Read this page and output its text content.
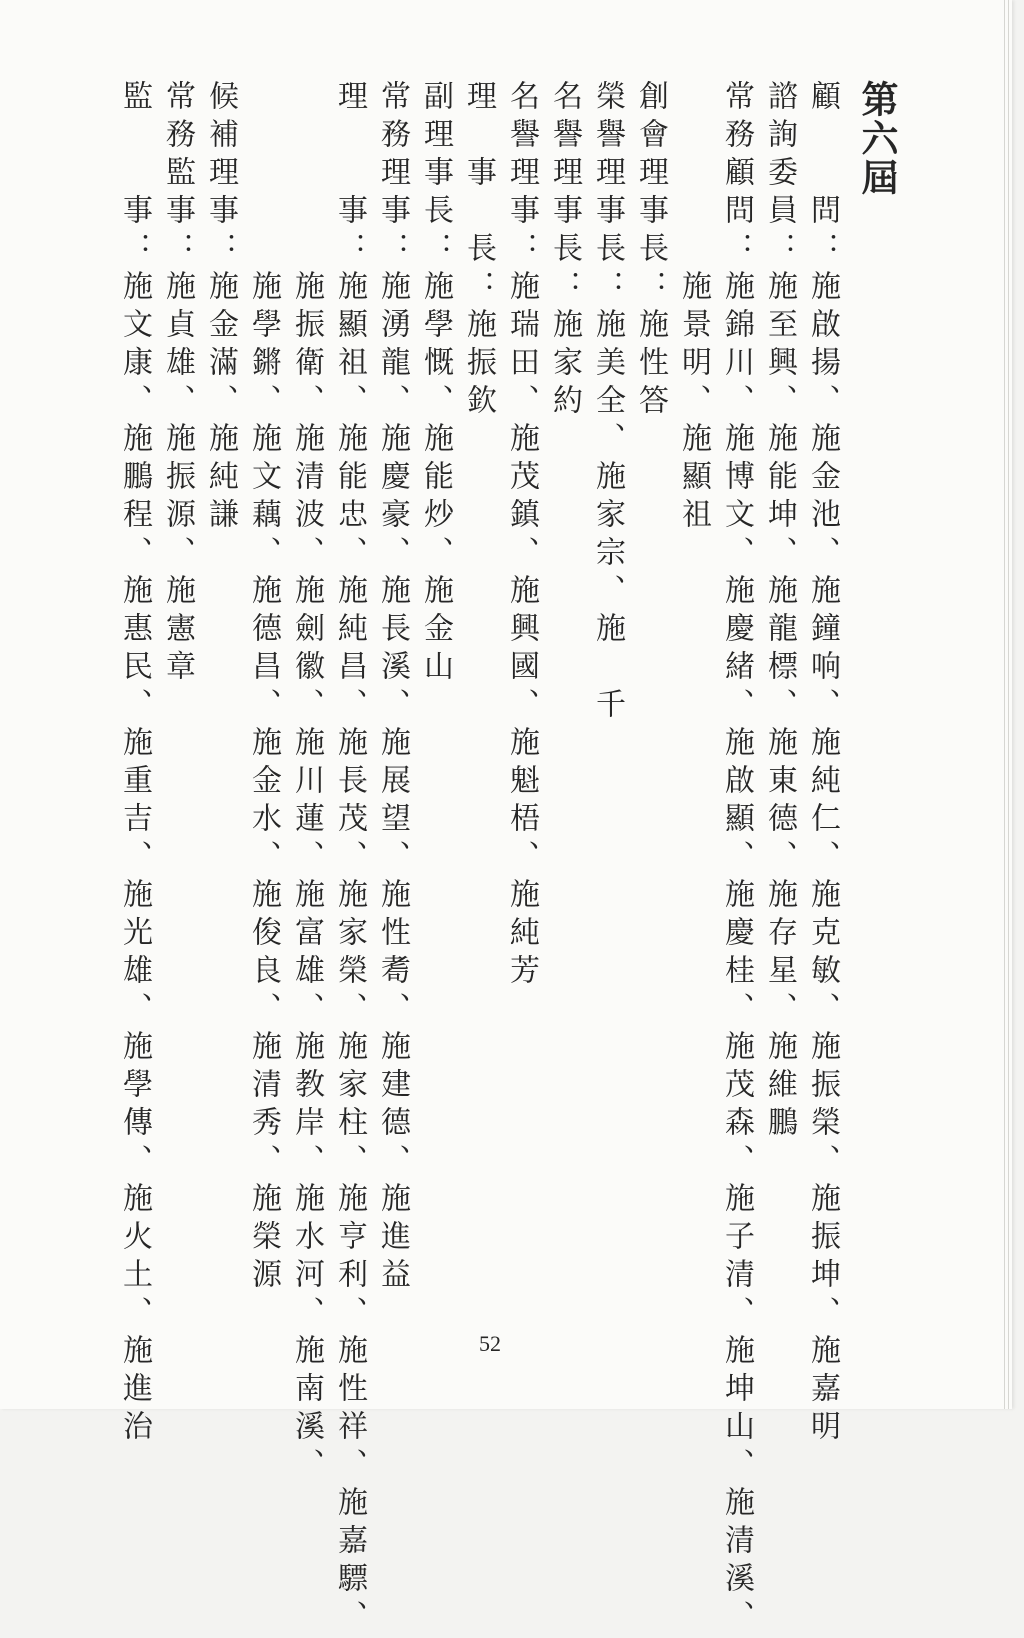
第六屆
顧　　問：施啟揚、施金池、施鐘响、施純仁、施克敏、施振榮、施振坤、施嘉明
諮詢委員：施至興、施能坤、施龍標、施東德、施存星、施維鵬
常務顧問：施錦川、施博文、施慶緒、施啟顯、施慶桂、施茂森、施子清、施坤山、施清溪、
　　　　　施景明、施顯祖
創會理事長：施性答
榮譽理事長：施美全、施家宗、施　千
名譽理事長：施家約
名譽理事：施瑞田、施茂鎮、施興國、施魁梧、施純芳
理　事　長：施振欽
副理事長：施學慨、施能炒、施金山
常務理事：施湧龍、施慶豪、施長溪、施展望、施性耈、施建德、施進益
理　　事：施顯祖、施能忠、施純昌、施長茂、施家榮、施家柱、施亨利、施性祥、施嘉驃、
　　　　　施振衛、施清波、施劍徽、施川蓮、施富雄、施教岸、施水河、施南溪、
　　　　　施學鏘、施文藕、施德昌、施金水、施俊良、施清秀、施榮源
候補理事：施金滿、施純謙
常務監事：施貞雄、施振源、施憲章
監　　事：施文康、施鵬程、施惠民、施重吉、施光雄、施學傳、施火土、施進治	52
